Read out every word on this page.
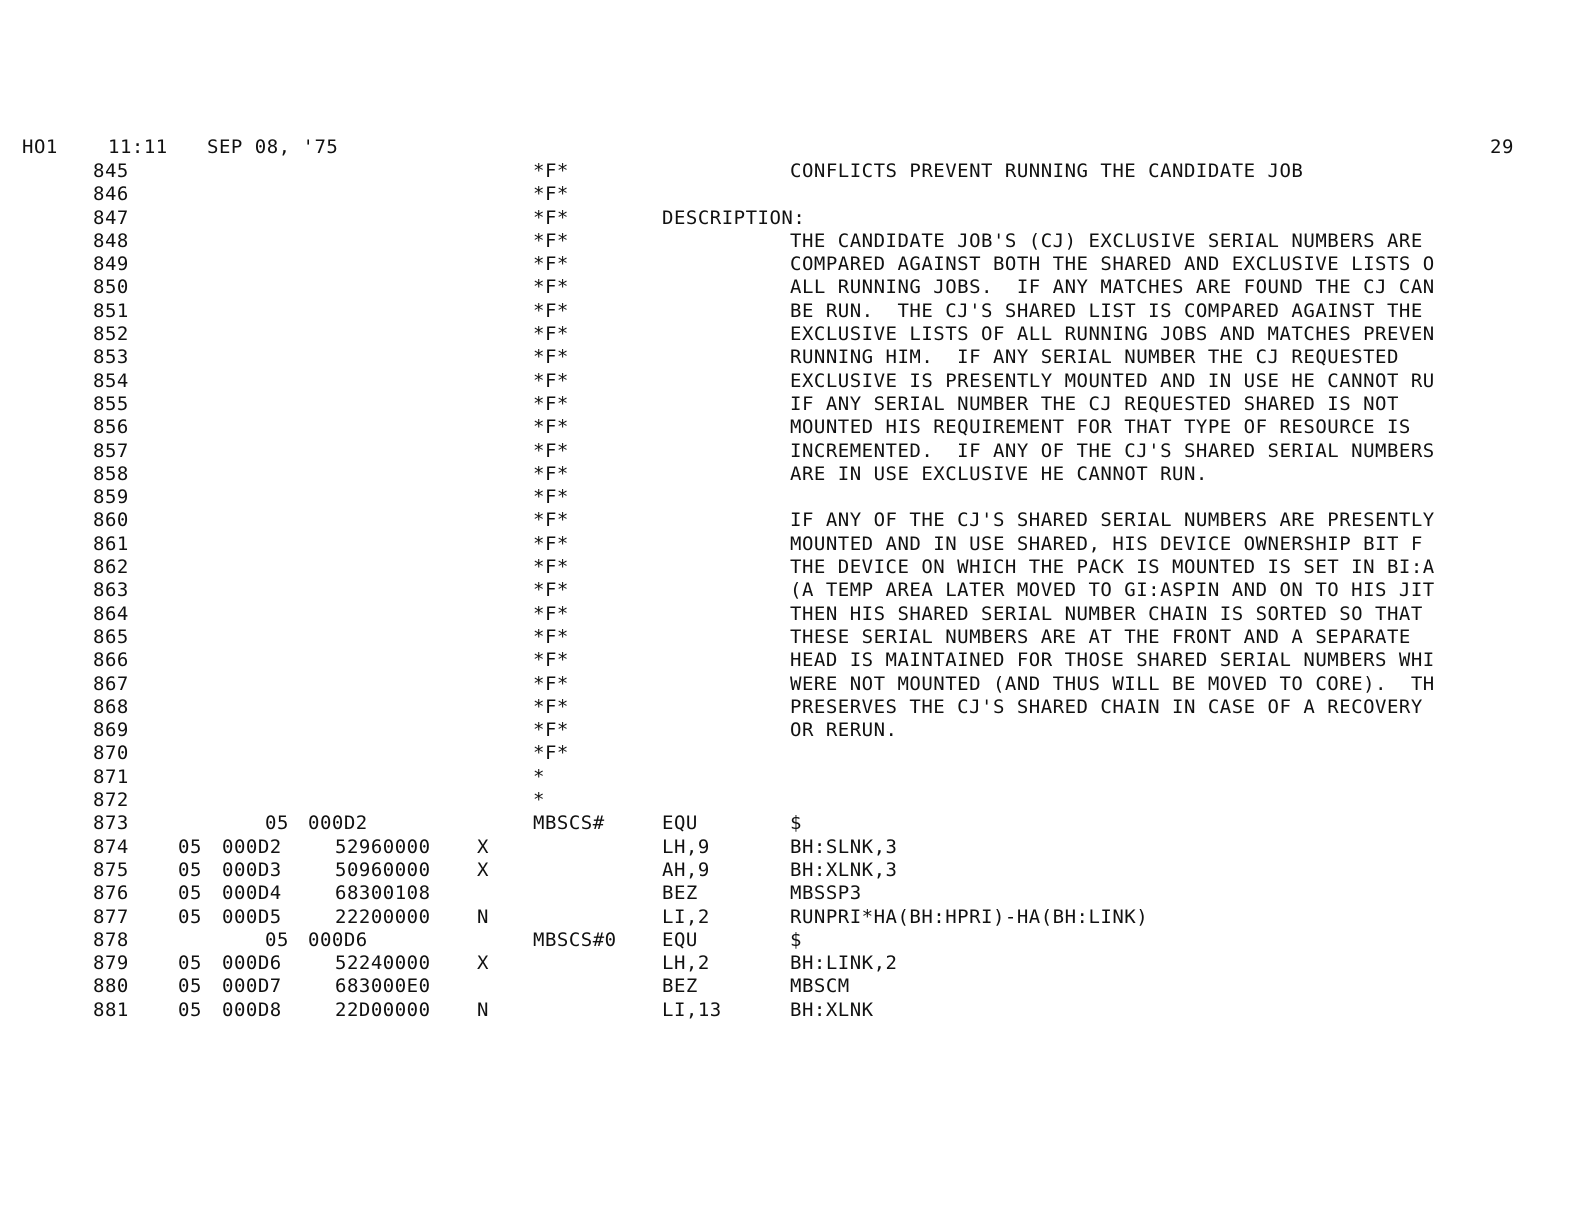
HO1	11:11 SEP 08, '75	29
845	*F*	CONFLICTS PREVENT RUNNING THE CANDIDATE JOB
846	*F*
847	*F*	DESCRIPTION:
848	*F*	THE CANDIDATE JOB'S (CJ) EXCLUSIVE SERIAL NUMBERS ARE
849	*F*	COMPARED AGAINST BOTH THE SHARED AND EXCLUSIVE LISTS O
850	*F*	ALL RUNNING JOBS.  IF ANY MATCHES ARE FOUND THE CJ CAN
851	*F*	BE RUN.  THE CJ'S SHARED LIST IS COMPARED AGAINST THE
852	*F*	EXCLUSIVE LISTS OF ALL RUNNING JOBS AND MATCHES PREVEN
853	*F*	RUNNING HIM.  IF ANY SERIAL NUMBER THE CJ REQUESTED
854	*F*	EXCLUSIVE IS PRESENTLY MOUNTED AND IN USE HE CANNOT RU
855	*F*	IF ANY SERIAL NUMBER THE CJ REQUESTED SHARED IS NOT
856	*F*	MOUNTED HIS REQUIREMENT FOR THAT TYPE OF RESOURCE IS
857	*F*	INCREMENTED.  IF ANY OF THE CJ'S SHARED SERIAL NUMBERS
858	*F*	ARE IN USE EXCLUSIVE HE CANNOT RUN.
859	*F*
860	*F*	IF ANY OF THE CJ'S SHARED SERIAL NUMBERS ARE PRESENTLY
861	*F*	MOUNTED AND IN USE SHARED, HIS DEVICE OWNERSHIP BIT F
862	*F*	THE DEVICE ON WHICH THE PACK IS MOUNTED IS SET IN BI:A
863	*F*	(A TEMP AREA LATER MOVED TO GI:ASPIN AND ON TO HIS JIT
864	*F*	THEN HIS SHARED SERIAL NUMBER CHAIN IS SORTED SO THAT
865	*F*	THESE SERIAL NUMBERS ARE AT THE FRONT AND A SEPARATE
866	*F*	HEAD IS MAINTAINED FOR THOSE SHARED SERIAL NUMBERS WHI
867	*F*	WERE NOT MOUNTED (AND THUS WILL BE MOVED TO CORE).  TH
868	*F*	PRESERVES THE CJ'S SHARED CHAIN IN CASE OF A RECOVERY
869	*F*	OR RERUN.
870	*F*
871	*
872	*
873	05 000D2	MBSCS#	EQU	$
874	05 000D2	52960000 X	LH,9	BH:SLNK,3
875	05 000D3	50960000 X	AH,9	BH:XLNK,3
876	05 000D4	68300108	BEZ	MBSSP3
877	05 000D5	22200000 N	LI,2	RUNPRI*HA(BH:HPRI)-HA(BH:LINK)
878	05 000D6	MBSCS#0 EQU	$
879	05 000D6	52240000 X	LH,2	BH:LINK,2
880	05 000D7	683000E0	BEZ	MBSCM
881	05 000D8	22D00000 N	LI,13	BH:XLNK
